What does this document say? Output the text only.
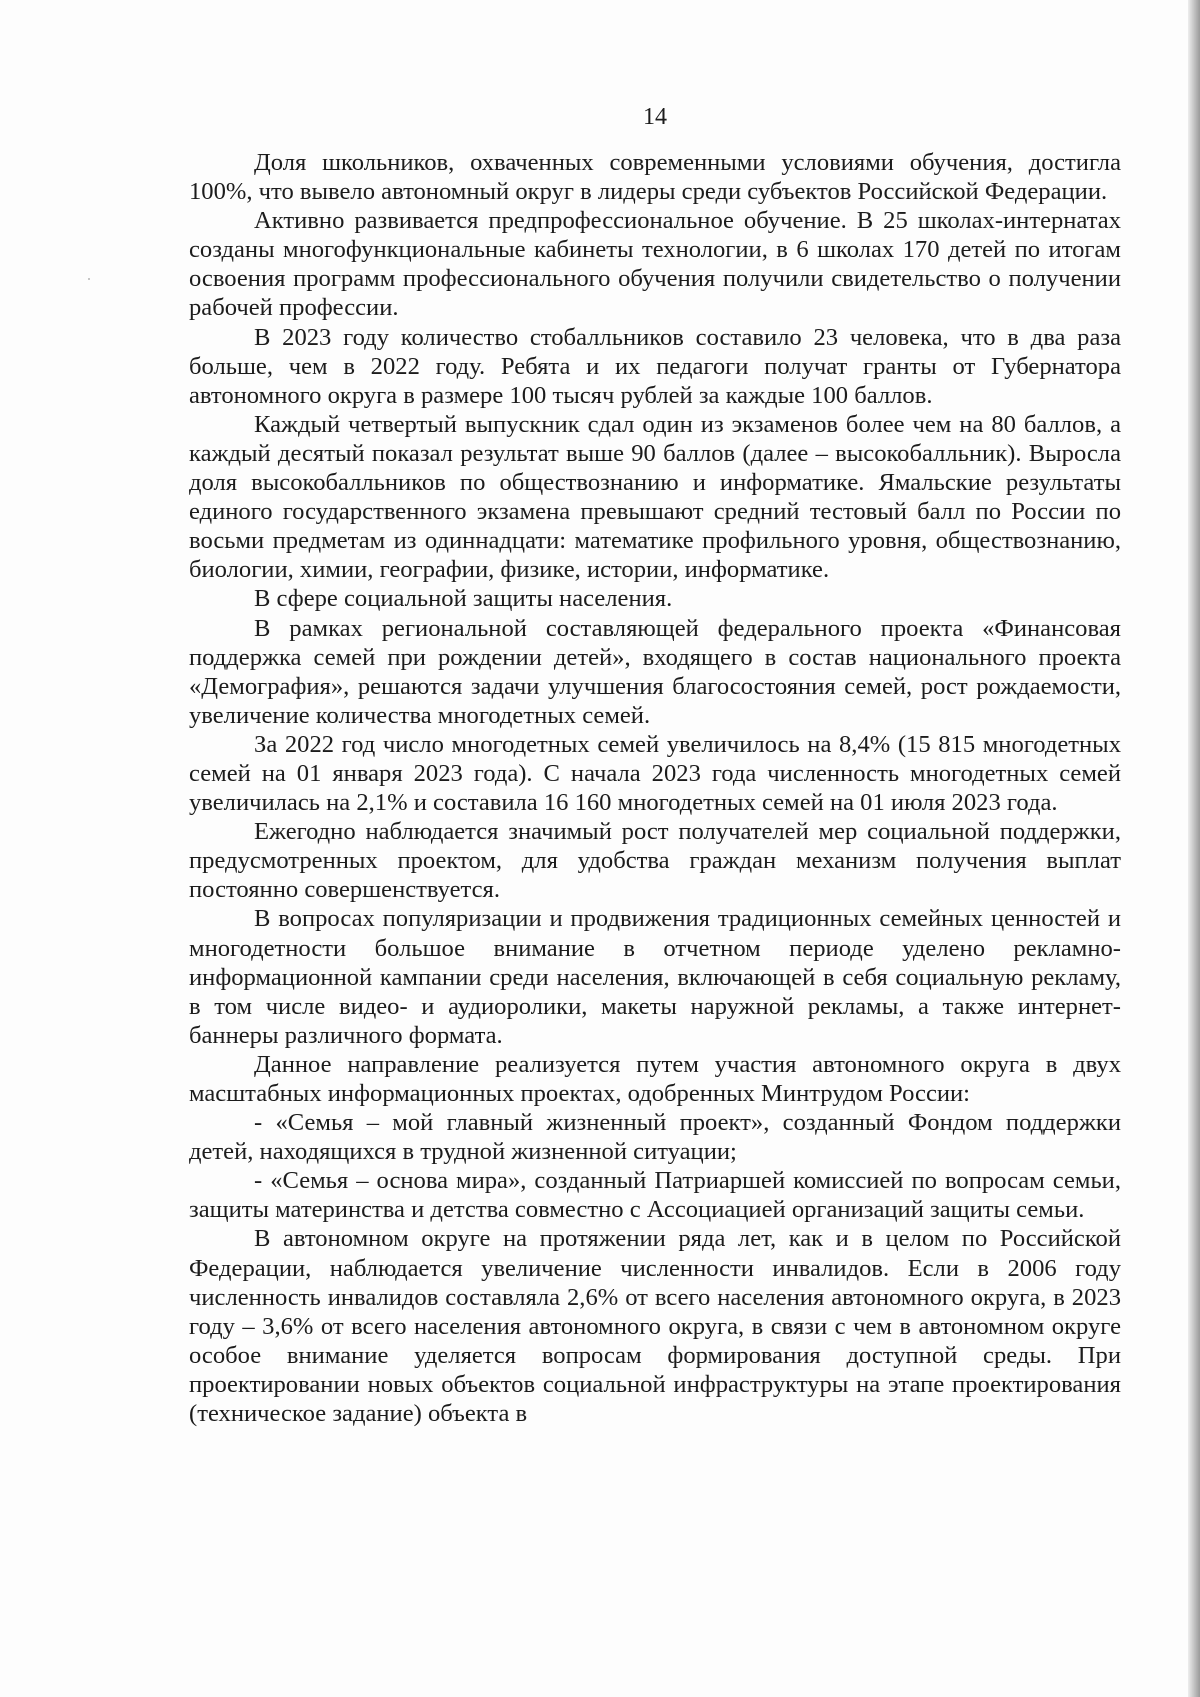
14

Доля школьников, охваченных современными условиями обучения, достигла 100%, что вывело автономный округ в лидеры среди субъектов Российской Федерации.

Активно развивается предпрофессиональное обучение. В 25 школах-интернатах созданы многофункциональные кабинеты технологии, в 6 школах 170 детей по итогам освоения программ профессионального обучения получили свидетельство о получении рабочей профессии.

В 2023 году количество стобалльников составило 23 человека, что в два раза больше, чем в 2022 году. Ребята и их педагоги получат гранты от Губернатора автономного округа в размере 100 тысяч рублей за каждые 100 баллов.

Каждый четвертый выпускник сдал один из экзаменов более чем на 80 баллов, а каждый десятый показал результат выше 90 баллов (далее – высокобалльник). Выросла доля высокобалльников по обществознанию и информатике. Ямальские результаты единого государственного экзамена превышают средний тестовый балл по России по восьми предметам из одиннадцати: математике профильного уровня, обществознанию, биологии, химии, географии, физике, истории, информатике.

В сфере социальной защиты населения.

В рамках региональной составляющей федерального проекта «Финансовая поддержка семей при рождении детей», входящего в состав национального проекта «Демография», решаются задачи улучшения благосостояния семей, рост рождаемости, увеличение количества многодетных семей.

За 2022 год число многодетных семей увеличилось на 8,4% (15 815 многодетных семей на 01 января 2023 года). С начала 2023 года численность многодетных семей увеличилась на 2,1% и составила 16 160 многодетных семей на 01 июля 2023 года.

Ежегодно наблюдается значимый рост получателей мер социальной поддержки, предусмотренных проектом, для удобства граждан механизм получения выплат постоянно совершенствуется.

В вопросах популяризации и продвижения традиционных семейных ценностей и многодетности большое внимание в отчетном периоде уделено рекламно-информационной кампании среди населения, включающей в себя социальную рекламу, в том числе видео- и аудиоролики, макеты наружной рекламы, а также интернет-баннеры различного формата.

Данное направление реализуется путем участия автономного округа в двух масштабных информационных проектах, одобренных Минтрудом России:

- «Семья – мой главный жизненный проект», созданный Фондом поддержки детей, находящихся в трудной жизненной ситуации;

- «Семья – основа мира», созданный Патриаршей комиссией по вопросам семьи, защиты материнства и детства совместно с Ассоциацией организаций защиты семьи.

В автономном округе на протяжении ряда лет, как и в целом по Российской Федерации, наблюдается увеличение численности инвалидов. Если в 2006 году численность инвалидов составляла 2,6% от всего населения автономного округа, в 2023 году – 3,6% от всего населения автономного округа, в связи с чем в автономном округе особое внимание уделяется вопросам формирования доступной среды. При проектировании новых объектов социальной инфраструктуры на этапе проектирования (техническое задание) объекта в
